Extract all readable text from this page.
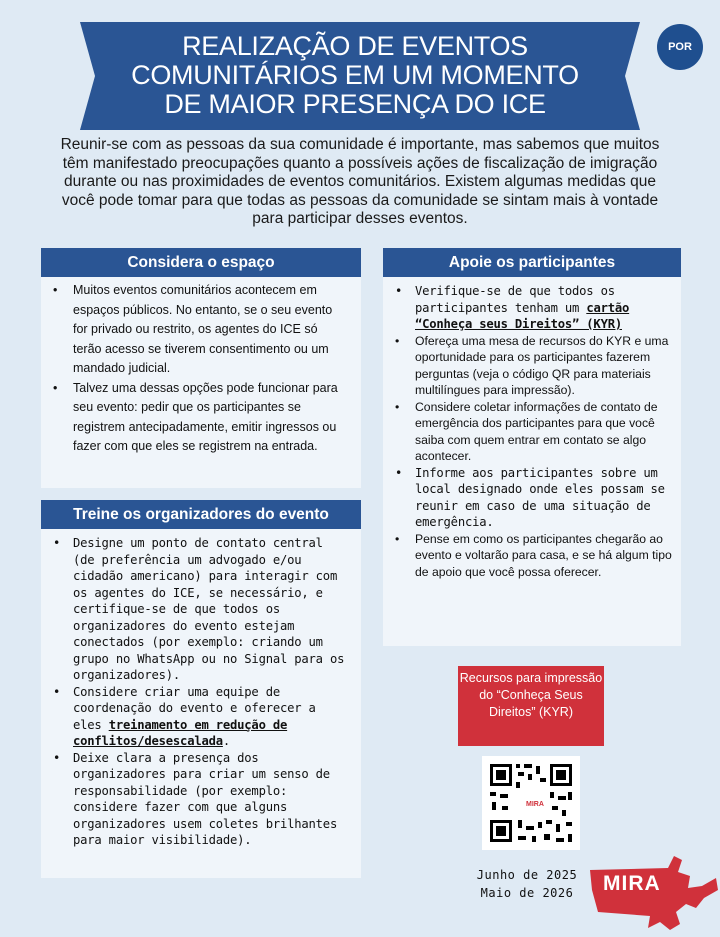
REALIZAÇÃO DE EVENTOS
COMUNITÁRIOS EM UM MOMENTO
DE MAIOR PRESENÇA DO ICE
POR
Reunir-se com as pessoas da sua comunidade é importante, mas sabemos que muitos têm manifestado preocupações quanto a possíveis ações de fiscalização de imigração durante ou nas proximidades de eventos comunitários. Existem algumas medidas que você pode tomar para que todas as pessoas da comunidade se sintam mais à vontade para participar desses eventos.
Considera o espaço
• Muitos eventos comunitários acontecem em espaços públicos. No entanto, se o seu evento for privado ou restrito, os agentes do ICE só terão acesso se tiverem consentimento ou um mandado judicial.
• Talvez uma dessas opções pode funcionar para seu evento: pedir que os participantes se registrem antecipadamente, emitir ingressos ou fazer com que eles se registrem na entrada.
Treine os organizadores do evento
• Designe um ponto de contato central (de preferência um advogado e/ou cidadão americano) para interagir com os agentes do ICE, se necessário, e certifique-se de que todos os organizadores do evento estejam conectados (por exemplo: criando um grupo no WhatsApp ou no Signal para os organizadores).
• Considere criar uma equipe de coordenação do evento e oferecer a eles treinamento em redução de conflitos/desescalada.
• Deixe clara a presença dos organizadores para criar um senso de responsabilidade (por exemplo: considere fazer com que alguns organizadores usem coletes brilhantes para maior visibilidade).
Apoie os participantes
• Verifique-se de que todos os participantes tenham um cartão “Conheça seus Direitos” (KYR)
• Ofereça uma mesa de recursos do KYR e uma oportunidade para os participantes fazerem perguntas (veja o código QR para materiais multilíngues para impressão).
• Considere coletar informações de contato de emergência dos participantes para que você saiba com quem entrar em contato se algo acontecer.
• Informe aos participantes sobre um local designado onde eles possam se reunir em caso de uma situação de emergência.
• Pense em como os participantes chegarão ao evento e voltarão para casa, e se há algum tipo de apoio que você possa oferecer.
Recursos para impressão do “Conheça Seus Direitos” (KYR)
MIRA
Junho de 2025
Maio de 2026	MIRA
